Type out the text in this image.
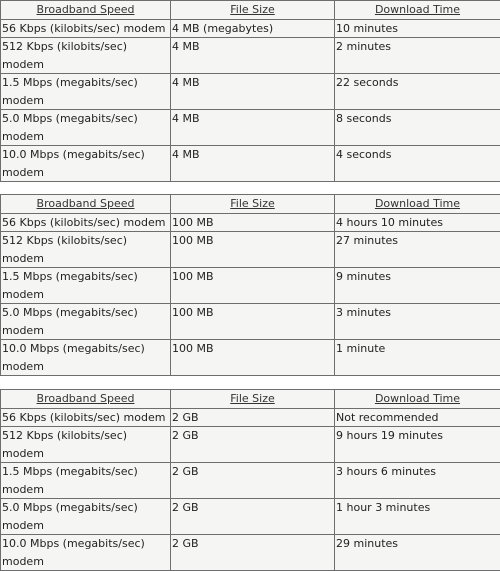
Broadband Speed	File Size	Download Time
56 Kbps (kilobits/sec) modem	4 MB (megabytes)	10 minutes
512 Kbps (kilobits/sec) modem	4 MB	2 minutes
1.5 Mbps (megabits/sec) modem	4 MB	22 seconds
5.0 Mbps (megabits/sec) modem	4 MB	8 seconds
10.0 Mbps (megabits/sec) modem	4 MB	4 seconds
Broadband Speed	File Size	Download Time
56 Kbps (kilobits/sec) modem	100 MB	4 hours 10 minutes
512 Kbps (kilobits/sec) modem	100 MB	27 minutes
1.5 Mbps (megabits/sec) modem	100 MB	9 minutes
5.0 Mbps (megabits/sec) modem	100 MB	3 minutes
10.0 Mbps (megabits/sec) modem	100 MB	1 minute
Broadband Speed	File Size	Download Time
56 Kbps (kilobits/sec) modem	2 GB	Not recommended
512 Kbps (kilobits/sec) modem	2 GB	9 hours 19 minutes
1.5 Mbps (megabits/sec) modem	2 GB	3 hours 6 minutes
5.0 Mbps (megabits/sec) modem	2 GB	1 hour 3 minutes
10.0 Mbps (megabits/sec) modem	2 GB	29 minutes
